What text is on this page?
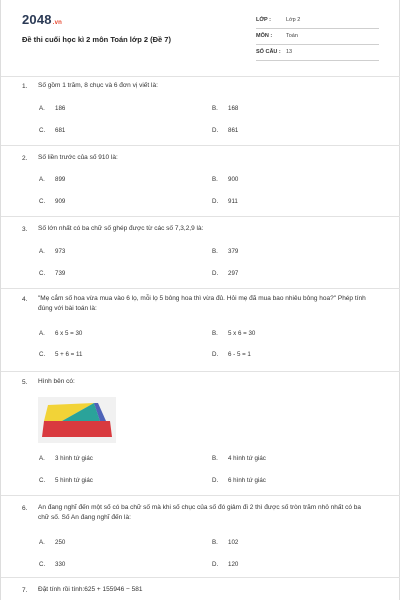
2048.vn
Đề thi cuối học kì 2 môn Toán lớp 2 (Đề 7)
LỚP :	Lớp 2
MÔN :	Toán
SỐ CÂU : 13
1. Số gồm 1 trăm, 8 chục và 6 đơn vị viết là:
A. 186	B. 168
C. 681	D. 861
2. Số liền trước của số 910 là:
A. 899	B. 900
C. 909	D. 911
3. Số lớn nhất có ba chữ số ghép được từ các số 7,3,2,9 là:
A. 973	B. 379
C. 739	D. 297
4. "Mẹ cắm số hoa vừa mua vào 6 lọ, mỗi lọ 5 bông hoa thì vừa đủ. Hỏi mẹ đã mua bao nhiêu bông hoa?" Phép tính đúng với bài toán là:
A. 6 x 5 = 30	B. 5 x 6 = 30
C. 5 + 6 = 11	D. 6 - 5 = 1
5. Hình bên có:
A. 3 hình tứ giác	B. 4 hình tứ giác
C. 5 hình tứ giác	D. 6 hình tứ giác
6. An đang nghĩ đến một số có ba chữ số mà khi số chục của số đó giảm đi 2 thì được số tròn trăm nhỏ nhất có ba chữ số. Số An đang nghĩ đến là:
A. 250	B. 102
C. 330	D. 120
7. Đặt tính rồi tính:625 + 155946 − 581
